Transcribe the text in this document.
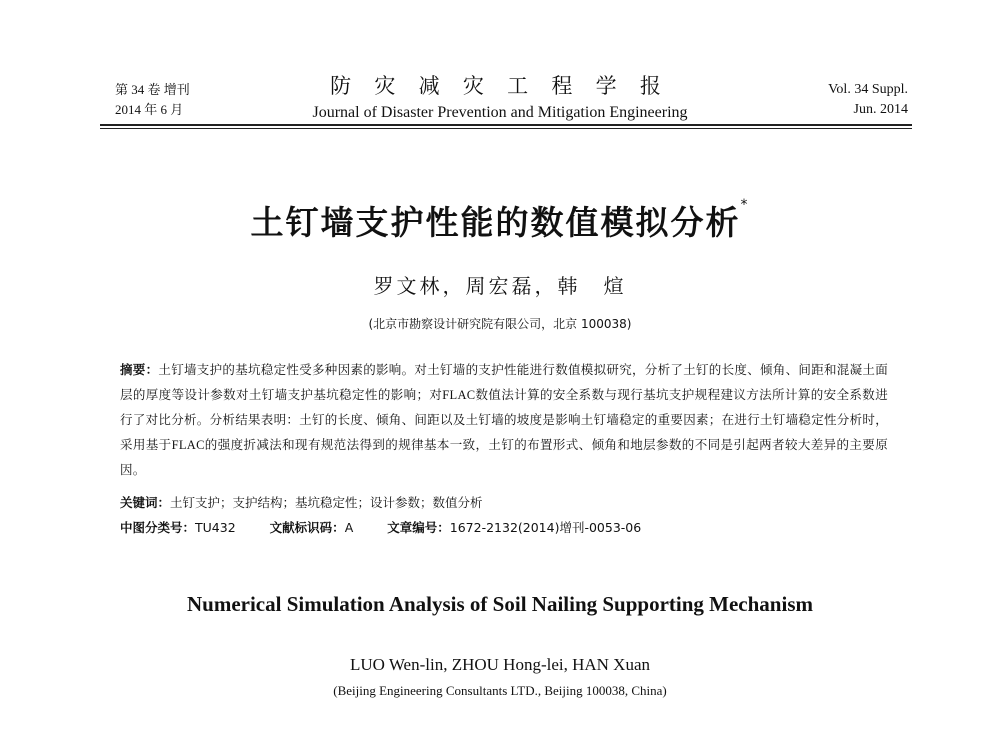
第 34 卷 增刊
2014 年 6 月
防 灾 减 灾 工 程 学 报
Journal of Disaster Prevention and Mitigation Engineering
Vol. 34 Suppl.
Jun. 2014
土钉墙支护性能的数值模拟分析*
罗文林，周宏磊，韩　煊
(北京市勘察设计研究院有限公司，北京 100038)
摘要：土钉墙支护的基坑稳定性受多种因素的影响。对土钉墙的支护性能进行数值模拟研究，分析了土钉的长度、倾角、间距和混凝土面层的厚度等设计参数对土钉墙支护基坑稳定性的影响；对FLAC数值法计算的安全系数与现行基坑支护规程建议方法所计算的安全系数进行了对比分析。分析结果表明：土钉的长度、倾角、间距以及土钉墙的坡度是影响土钉墙稳定的重要因素；在进行土钉墙稳定性分析时，采用基于FLAC的强度折减法和现有规范法得到的规律基本一致，土钉的布置形式、倾角和地层参数的不同是引起两者较大差异的主要原因。
关键词：土钉支护；支护结构；基坑稳定性；设计参数；数值分析
中图分类号：TU432	文献标识码：A	文章编号：1672-2132(2014)增刊-0053-06
Numerical Simulation Analysis of Soil Nailing Supporting Mechanism
LUO Wen-lin, ZHOU Hong-lei, HAN Xuan
(Beijing Engineering Consultants LTD., Beijing 100038, China)
